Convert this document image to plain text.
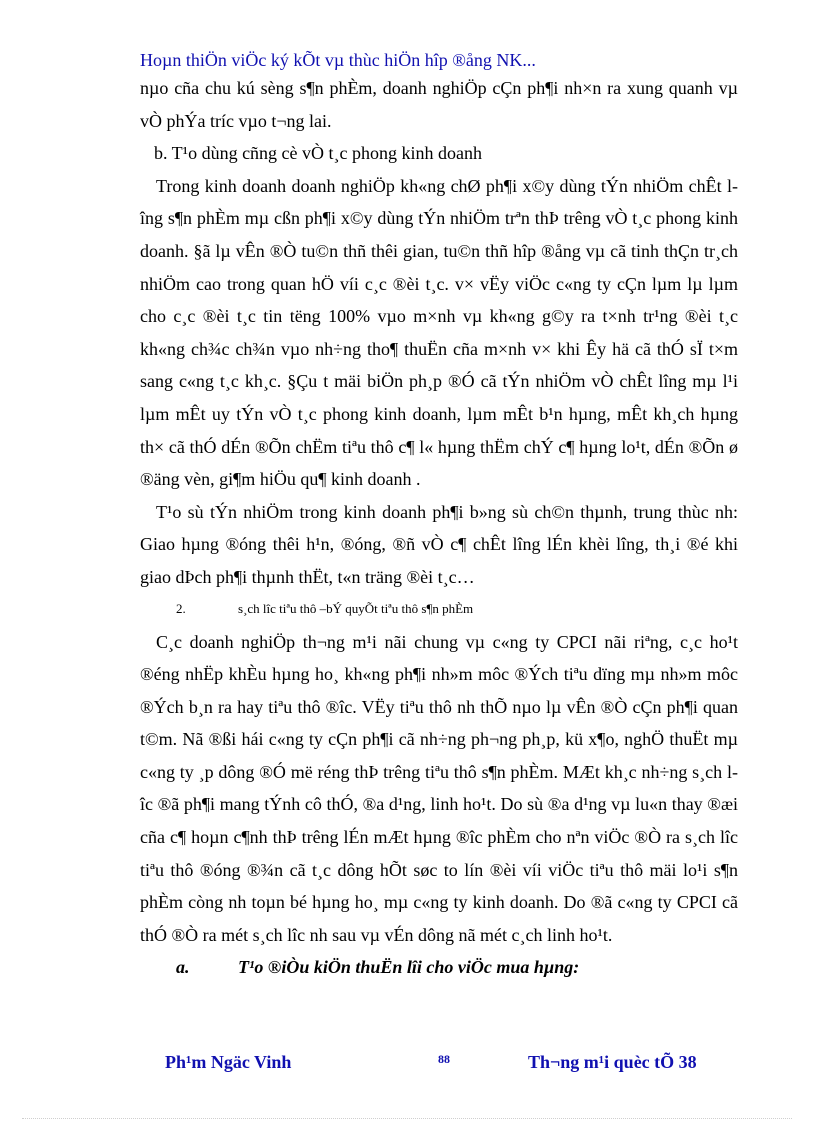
Hoµn thiÖn viÖc ký kÕt vµ thùc hiÖn hîp ®ång NK...

nµo cña chu kú sèng s¶n phÈm, doanh nghiÖp cÇn ph¶i nh×n ra xung quanh vµ vÒ phÝa tríc vµo t¬ng lai.

b. T¹o dùng cñng cè vÒ t¸c phong kinh doanh

Trong kinh doanh doanh nghiÖp kh«ng chØ ph¶i x©y dùng tÝn nhiÖm chÊt lîng s¶n phÈm mµ cßn ph¶i x©y dùng tÝn nhiÖm trªn thÞ trêng vÒ t¸c phong kinh doanh. §ã lµ vÊn ®Ò tu©n thñ thêi gian, tu©n thñ hîp ®ång vµ cã tinh thÇn tr¸ch nhiÖm cao trong quan hÖ víi c¸c ®èi t¸c. v× vËy viÖc c«ng ty cÇn lµm lµ lµm cho c¸c ®èi t¸c tin tëng 100% vµo m×nh vµ kh«ng g©y ra t×nh tr¹ng ®èi t¸c kh«ng ch¾c ch¾n vµo nh÷ng tho¶ thuËn cña m×nh v× khi Êy hä cã thÓ sÏ t×m sang c«ng t¸c kh¸c. §Çu t mäi biÖn ph¸p ®Ó cã tÝn nhiÖm vÒ chÊt lîng mµ l¹i lµm mÊt uy tÝn vÒ t¸c phong kinh doanh, lµm mÊt b¹n hµng, mÊt kh¸ch hµng th× cã thÓ dÉn ®Õn chËm tiªu thô c¶ l« hµng thËm chÝ c¶ hµng lo¹t, dÉn ®Õn ø ®äng vèn, gi¶m hiÖu qu¶ kinh doanh .

T¹o sù tÝn nhiÖm trong kinh doanh ph¶i b»ng sù ch©n thµnh, trung thùc nh: Giao hµng ®óng thêi h¹n, ®óng, ®ñ vÒ c¶ chÊt lîng lÉn khèi lîng, th¸i ®é khi giao dÞch ph¶i thµnh thËt, t«n träng ®èi t¸c…

2.	s¸ch lîc tiªu thô –bÝ quyÕt tiªu thô s¶n phÈm

C¸c doanh nghiÖp th¬ng m¹i nãi chung vµ c«ng ty CPCI nãi riªng, c¸c ho¹t ®éng nhËp khÈu hµng ho¸ kh«ng ph¶i nh»m môc ®Ých tiªu dïng mµ nh»m môc ®Ých b¸n ra hay tiªu thô ®îc. VËy tiªu thô nh thÕ nµo lµ vÊn ®Ò cÇn ph¶i quan t©m. Nã ®ßi hái c«ng ty cÇn ph¶i cã nh÷ng ph¬ng ph¸p, kü x¶o, nghÖ thuËt mµ c«ng ty ¸p dông ®Ó më réng thÞ trêng tiªu thô s¶n phÈm. MÆt kh¸c nh÷ng s¸ch lîc ®ã ph¶i mang tÝnh cô thÓ, ®a d¹ng, linh ho¹t. Do sù ®a d¹ng vµ lu«n thay ®æi cña c¶ hoµn c¶nh thÞ trêng lÉn mÆt hµng ®îc phÈm cho nªn viÖc ®Ò ra s¸ch lîc tiªu thô ®óng ®¾n cã t¸c dông hÕt søc to lín ®èi víi viÖc tiªu thô mäi lo¹i s¶n phÈm còng nh toµn bé hµng ho¸ mµ c«ng ty kinh doanh. Do ®ã c«ng ty CPCI cã thÓ ®Ò ra mét s¸ch lîc nh sau vµ vÉn dông nã mét c¸ch linh ho¹t.

a.	T¹o ®iÒu kiÖn thuËn lîi cho viÖc mua hµng:

Ph¹m Ngäc Vinh	88	Th¬ng m¹i quèc tÕ 38
